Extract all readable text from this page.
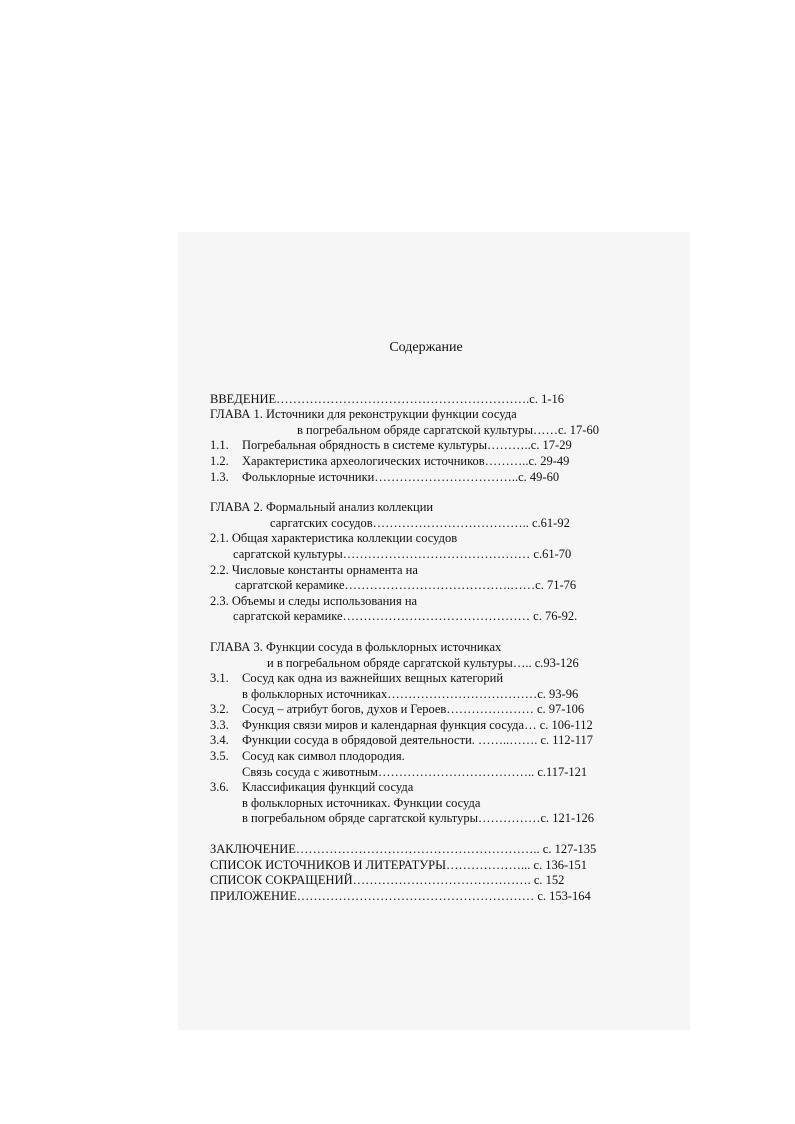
Содержание
ВВЕДЕНИЕ…………………………………………………….с. 1-16
ГЛАВА 1. Источники для реконструкции функции сосуда
в погребальном обряде саргатской культуры……с. 17-60
1.1.	Погребальная обрядность в системе культуры………..с. 17-29
1.2.	Характеристика археологических источников………..с. 29-49
1.3.	Фольклорные источники……………………………..с. 49-60
ГЛАВА 2. Формальный анализ коллекции
саргатских сосудов……………………………….. с.61-92
2.1. Общая характеристика коллекции сосудов
саргатской культуры……………………………………… с.61-70
2.2. Числовые константы орнамента на
саргатской керамике………………………………….……с. 71-76
2.3. Объемы и следы использования на
саргатской керамике……………………………………… с. 76-92.
ГЛАВА 3. Функции сосуда в фольклорных источниках
и в погребальном обряде саргатской культуры….. с.93-126
3.1.	Сосуд как одна из важнейших вещных категорий
в фольклорных источниках………………………………с. 93-96
3.2.	Сосуд – атрибут богов, духов и Героев………………… с. 97-106
3.3.	Функция связи миров и календарная функция сосуда… с. 106-112
3.4.	Функции сосуда в обрядовой деятельности. ……..……. с. 112-117
3.5.	Сосуд как символ плодородия.
Связь сосуда с животным……………………………….. с.117-121
3.6.	Классификация функций сосуда
в фольклорных источниках. Функции сосуда
в погребальном обряде саргатской культуры……………с. 121-126
ЗАКЛЮЧЕНИЕ………………………………………………….. с. 127-135
СПИСОК ИСТОЧНИКОВ И ЛИТЕРАТУРЫ………………... с. 136-151
СПИСОК СОКРАЩЕНИЙ……………………………………. с. 152
ПРИЛОЖЕНИЕ………………………………………………… с. 153-164
